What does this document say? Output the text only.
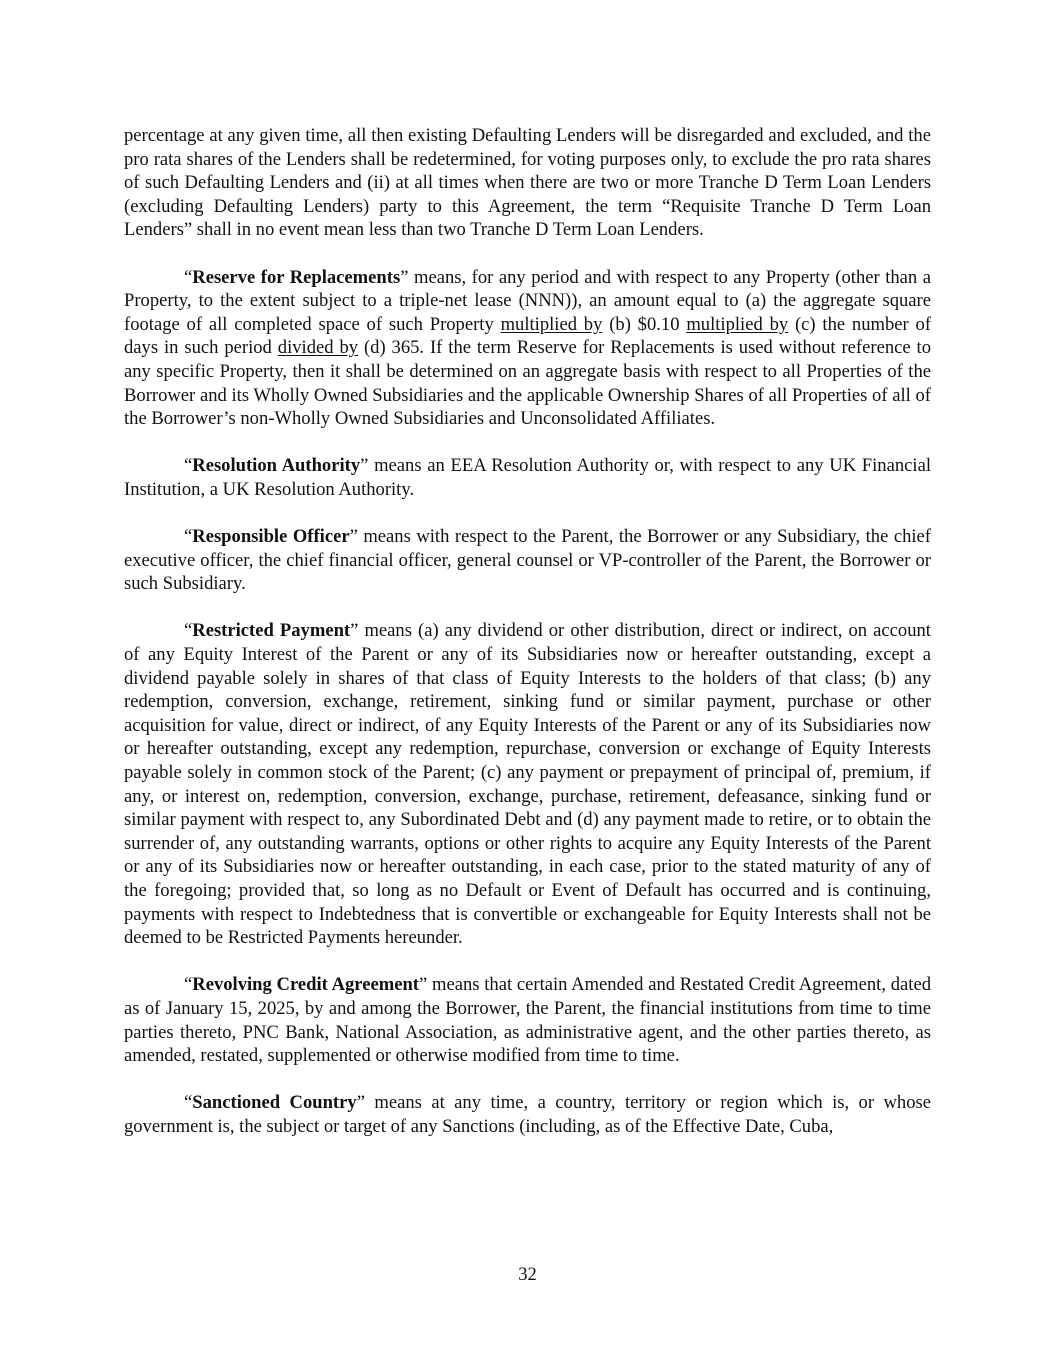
percentage at any given time, all then existing Defaulting Lenders will be disregarded and excluded, and the pro rata shares of the Lenders shall be redetermined, for voting purposes only, to exclude the pro rata shares of such Defaulting Lenders and (ii) at all times when there are two or more Tranche D Term Loan Lenders (excluding Defaulting Lenders) party to this Agreement, the term “Requisite Tranche D Term Loan Lenders” shall in no event mean less than two Tranche D Term Loan Lenders.

“Reserve for Replacements” means, for any period and with respect to any Property (other than a Property, to the extent subject to a triple-net lease (NNN)), an amount equal to (a) the aggregate square footage of all completed space of such Property multiplied by (b) $0.10 multiplied by (c) the number of days in such period divided by (d) 365. If the term Reserve for Replacements is used without reference to any specific Property, then it shall be determined on an aggregate basis with respect to all Properties of the Borrower and its Wholly Owned Subsidiaries and the applicable Ownership Shares of all Properties of all of the Borrower’s non-Wholly Owned Subsidiaries and Unconsolidated Affiliates.

“Resolution Authority” means an EEA Resolution Authority or, with respect to any UK Financial Institution, a UK Resolution Authority.

“Responsible Officer” means with respect to the Parent, the Borrower or any Subsidiary, the chief executive officer, the chief financial officer, general counsel or VP-controller of the Parent, the Borrower or such Subsidiary.

“Restricted Payment” means (a) any dividend or other distribution, direct or indirect, on account of any Equity Interest of the Parent or any of its Subsidiaries now or hereafter outstanding, except a dividend payable solely in shares of that class of Equity Interests to the holders of that class; (b) any redemption, conversion, exchange, retirement, sinking fund or similar payment, purchase or other acquisition for value, direct or indirect, of any Equity Interests of the Parent or any of its Subsidiaries now or hereafter outstanding, except any redemption, repurchase, conversion or exchange of Equity Interests payable solely in common stock of the Parent; (c) any payment or prepayment of principal of, premium, if any, or interest on, redemption, conversion, exchange, purchase, retirement, defeasance, sinking fund or similar payment with respect to, any Subordinated Debt and (d) any payment made to retire, or to obtain the surrender of, any outstanding warrants, options or other rights to acquire any Equity Interests of the Parent or any of its Subsidiaries now or hereafter outstanding, in each case, prior to the stated maturity of any of the foregoing; provided that, so long as no Default or Event of Default has occurred and is continuing, payments with respect to Indebtedness that is convertible or exchangeable for Equity Interests shall not be deemed to be Restricted Payments hereunder.

“Revolving Credit Agreement” means that certain Amended and Restated Credit Agreement, dated as of January 15, 2025, by and among the Borrower, the Parent, the financial institutions from time to time parties thereto, PNC Bank, National Association, as administrative agent, and the other parties thereto, as amended, restated, supplemented or otherwise modified from time to time.

“Sanctioned Country” means at any time, a country, territory or region which is, or whose government is, the subject or target of any Sanctions (including, as of the Effective Date, Cuba,

32
